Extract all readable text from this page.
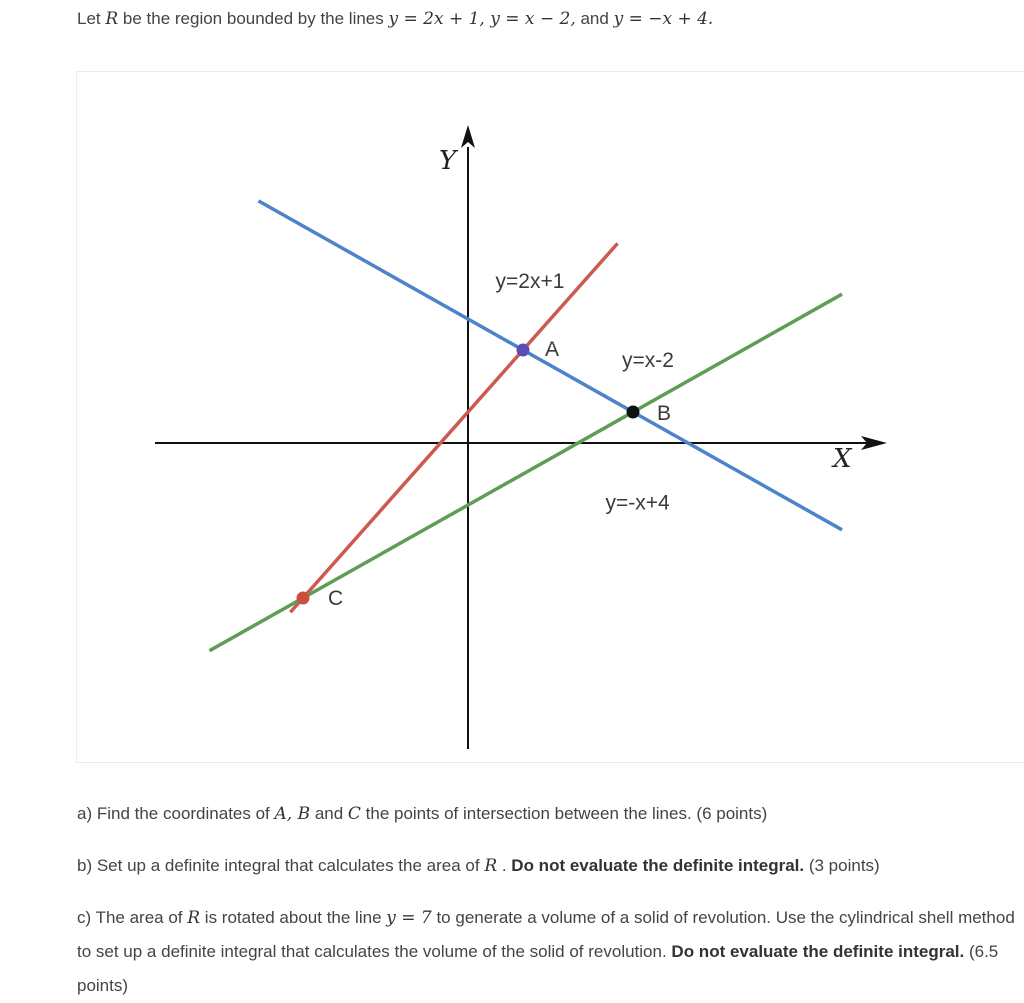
Let R be the region bounded by the lines y = 2x + 1, y = x − 2, and y = −x + 4.
X
Y
y=2x+1
y=x-2
y=-x+4
A
B
C
a) Find the coordinates of A, B and C the points of intersection between the lines. (6 points)
b) Set up a definite integral that calculates the area of R . Do not evaluate the definite integral. (3 points)
c) The area of R is rotated about the line y = 7 to generate a volume of a solid of revolution. Use the cylindrical shell method to set up a definite integral that calculates the volume of the solid of revolution. Do not evaluate the definite integral. (6.5 points)
